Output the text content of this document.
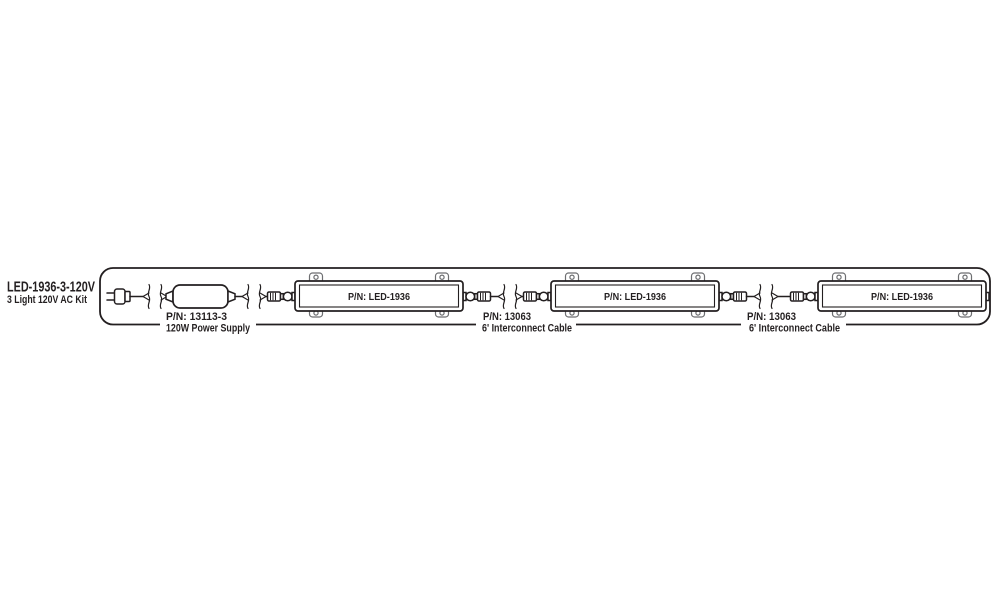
P/N: 13113-3
120W Power Supply
P/N: 13063
6' Interconnect Cable
P/N: 13063
6' Interconnect Cable
P/N: LED-1936	P/N: LED-1936	P/N: LED-1936
LED-1936-3-120V
3 Light 120V AC Kit
